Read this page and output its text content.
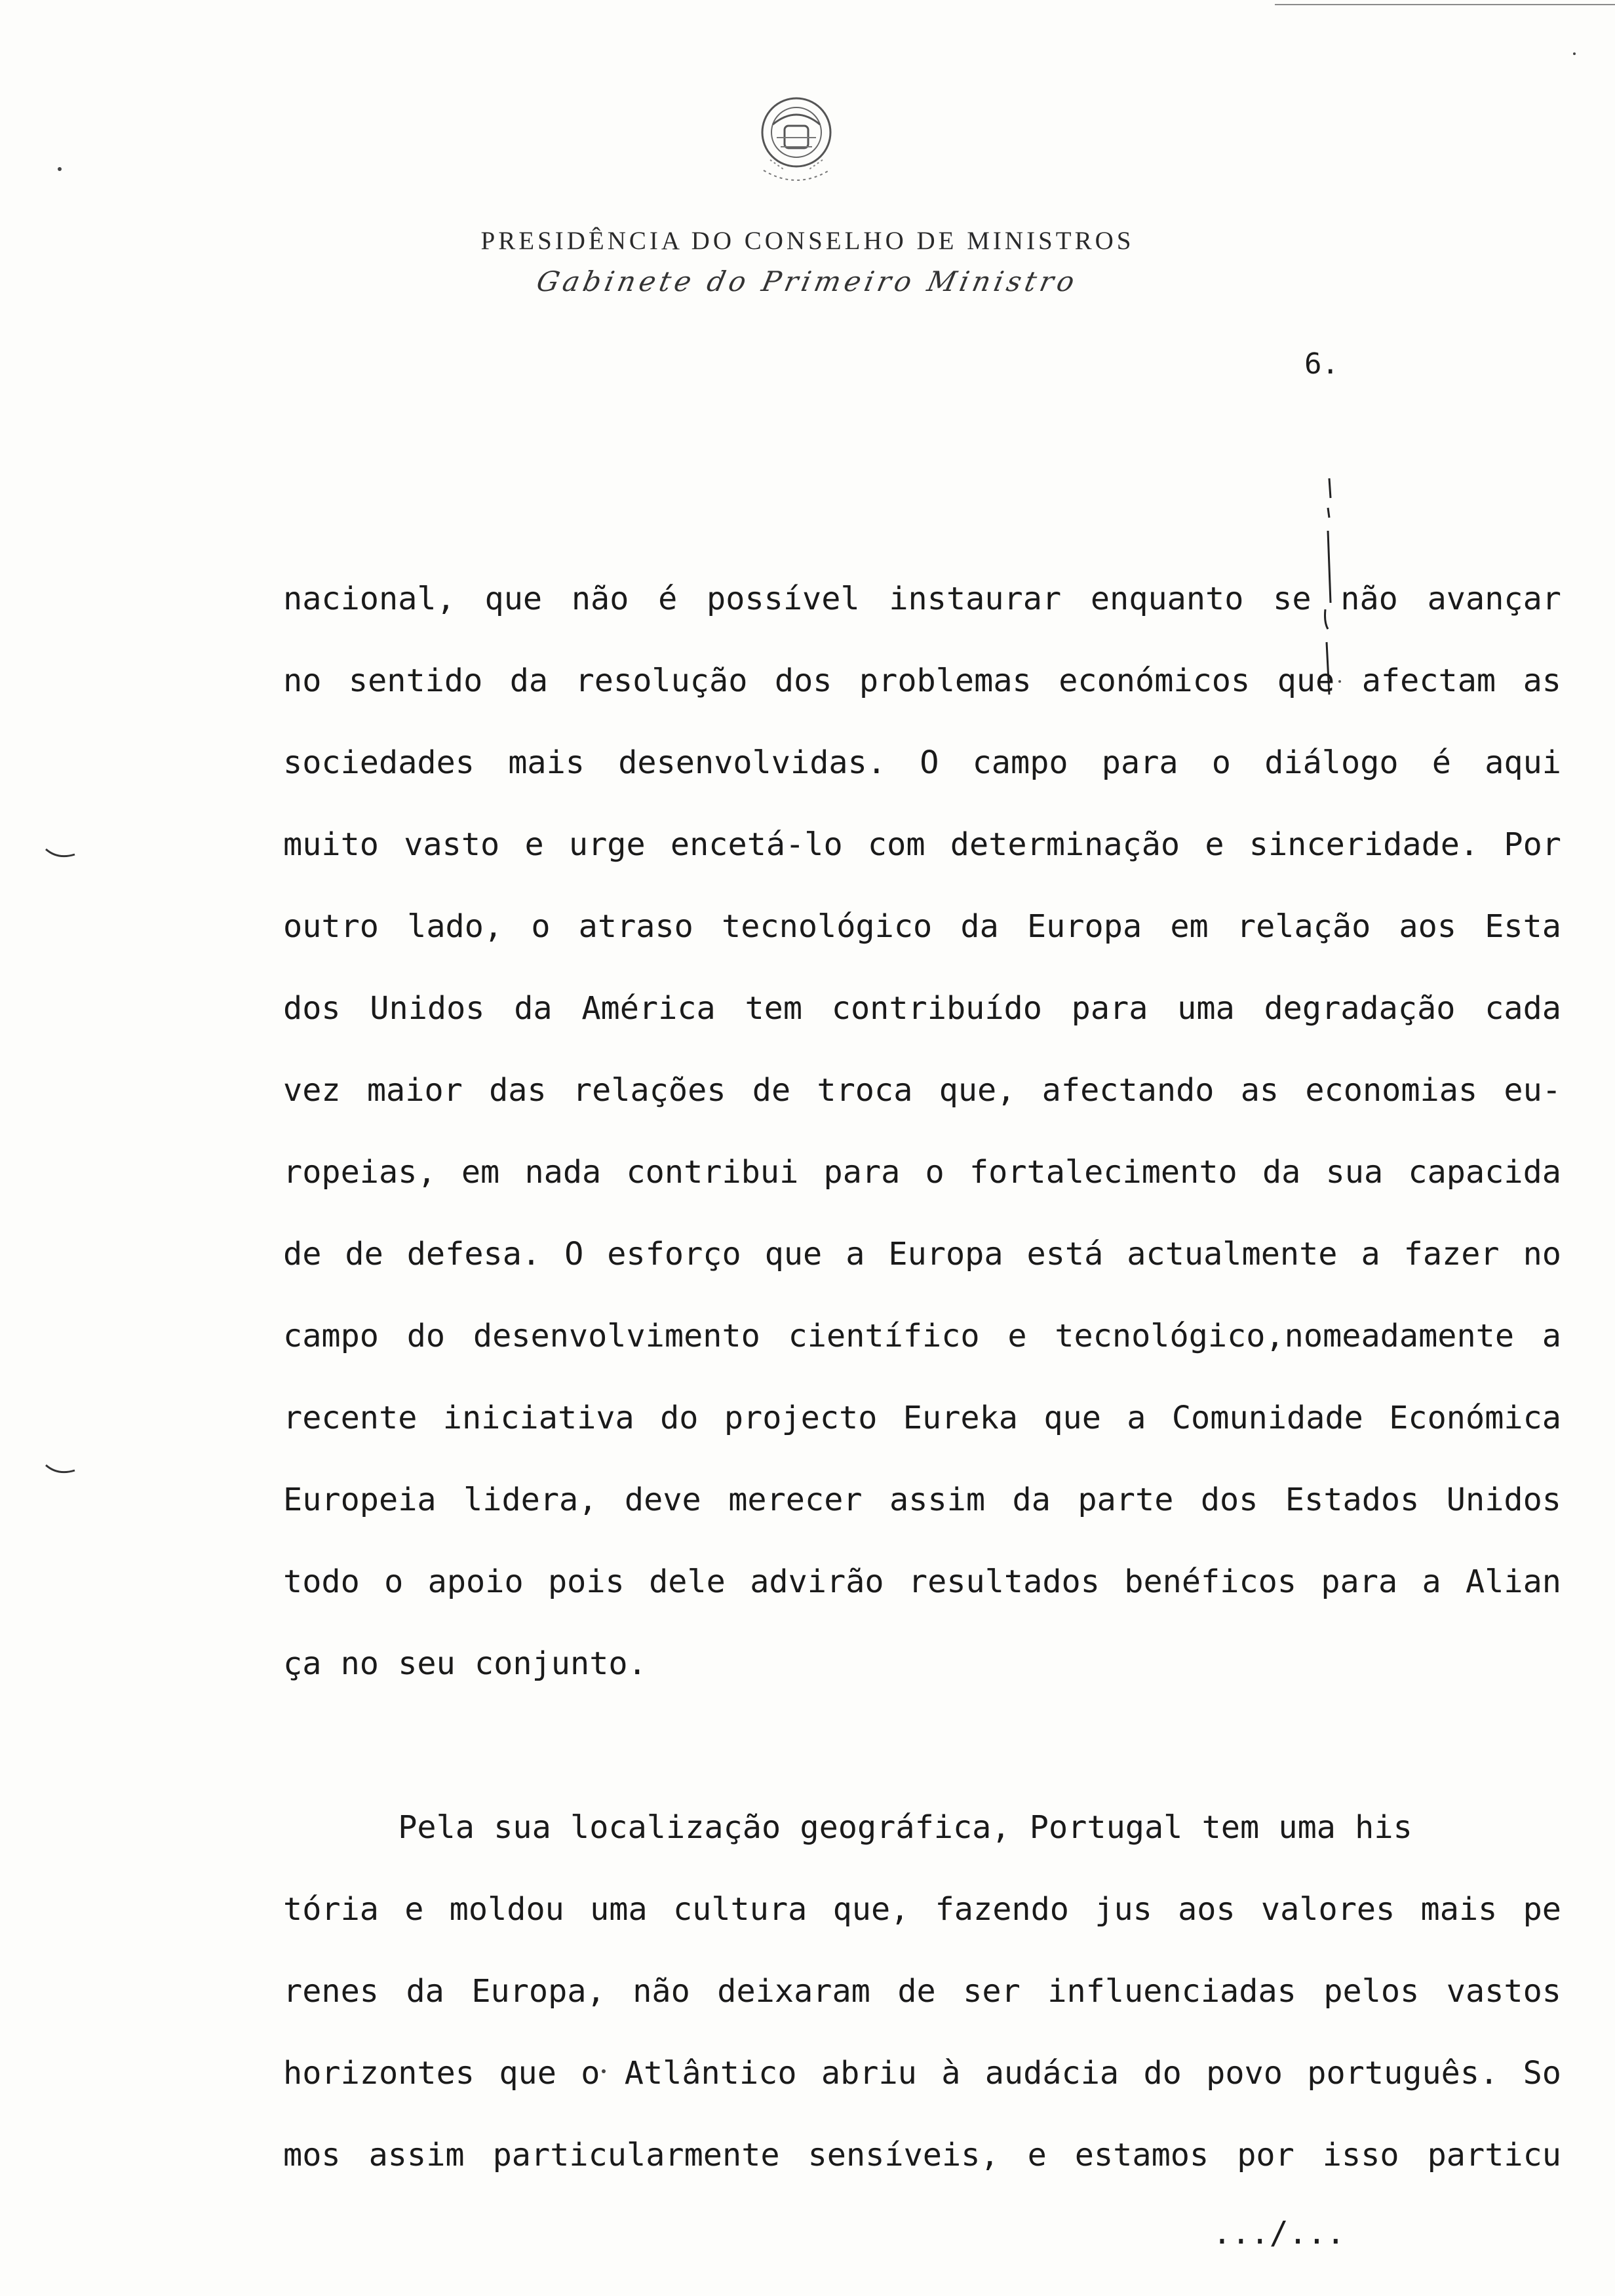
PRESIDÊNCIA DO CONSELHO DE MINISTROS
Gabinete do Primeiro Ministro
6.
nacional, que não é possível instaurar enquanto se não avançar
no sentido da resolução dos problemas económicos que afectam as
sociedades mais desenvolvidas. O campo para o diálogo é aqui
muito vasto e urge encetá-lo com determinação e sinceridade. Por
outro lado, o atraso tecnológico da Europa em relação aos Esta
dos Unidos da América tem contribuído para uma degradação cada
vez maior das relações de troca que, afectando as economias eu-
ropeias, em nada contribui para o fortalecimento da sua capacida
de de defesa. O esforço que a Europa está actualmente a fazer no
campo do desenvolvimento científico e tecnológico,nomeadamente a
recente iniciativa do projecto Eureka que a Comunidade Económica
Europeia lidera, deve merecer assim da parte dos Estados Unidos
todo o apoio pois dele advirão resultados benéficos para a Alian
ça no seu conjunto.
Pela sua localização geográfica, Portugal tem uma his
tória e moldou uma cultura que, fazendo jus aos valores mais pe
renes da Europa, não deixaram de ser influenciadas pelos vastos
horizontes que o Atlântico abriu à audácia do povo português. So
mos assim particularmente sensíveis, e estamos por isso particu
.../...
